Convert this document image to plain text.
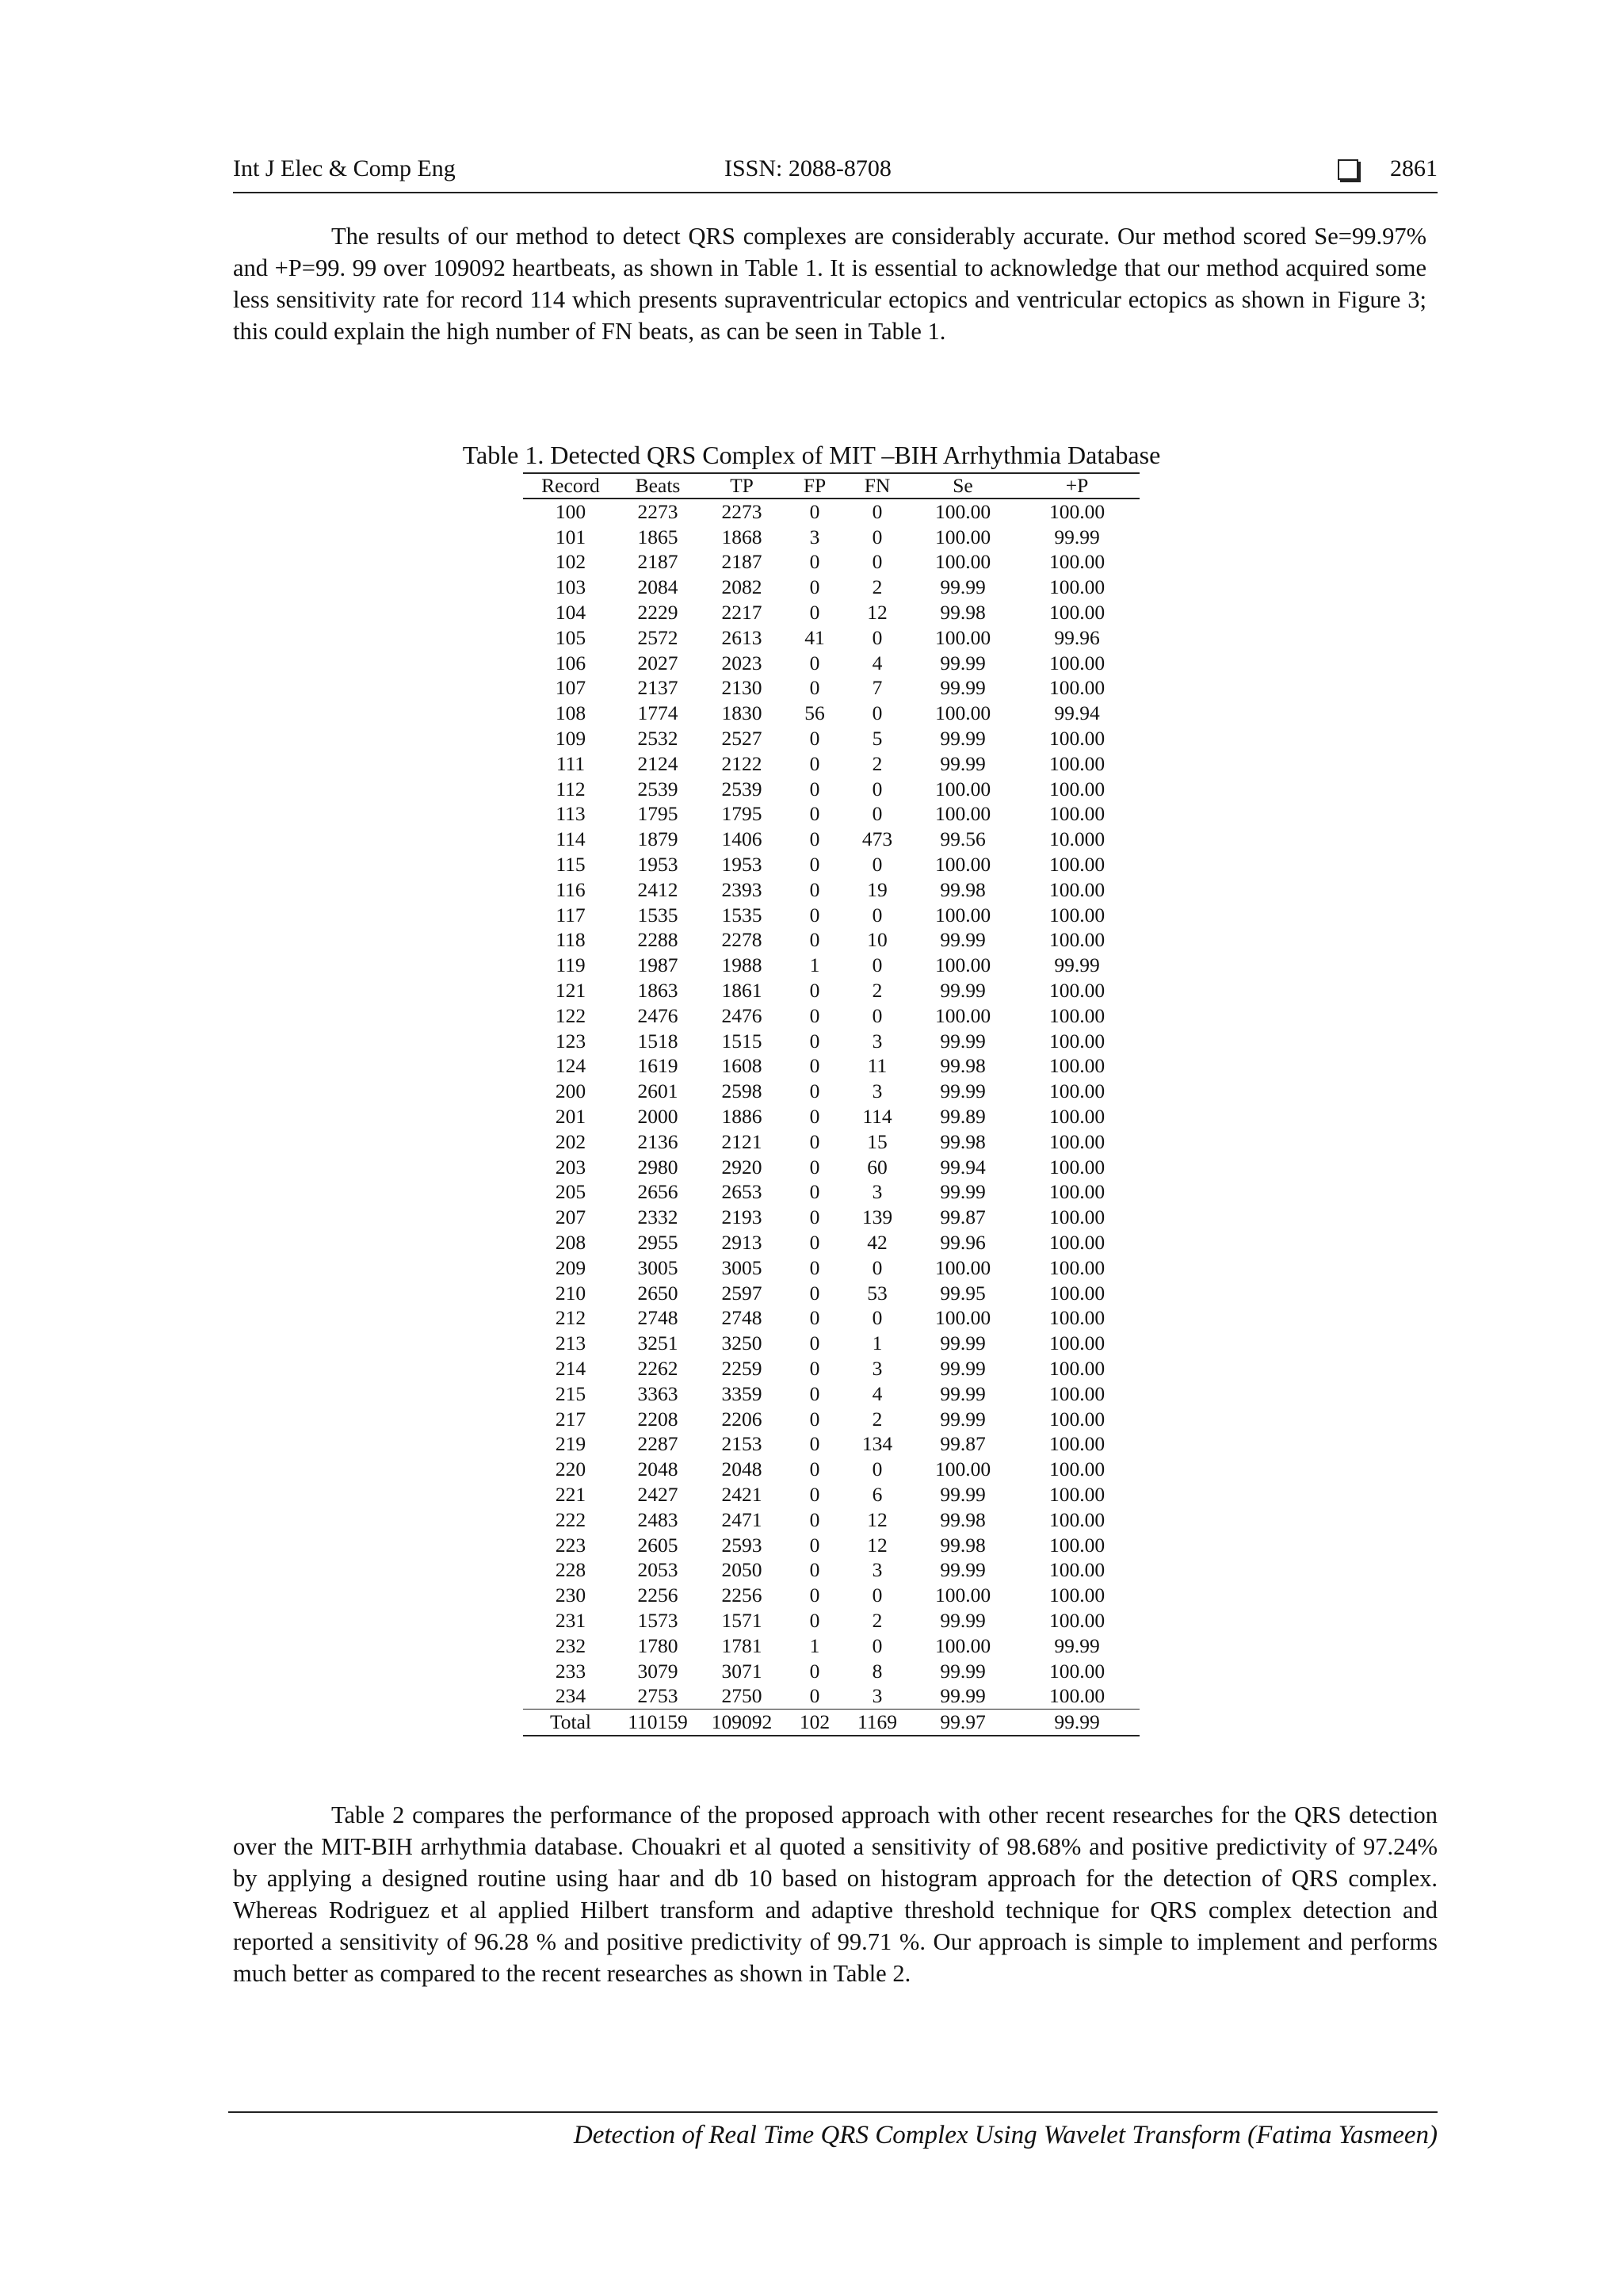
Int J Elec & Comp Eng	ISSN: 2088-8708	2861

The results of our method to detect QRS complexes are considerably accurate. Our method scored Se=99.97% and +P=99. 99 over 109092 heartbeats, as shown in Table 1. It is essential to acknowledge that our method acquired some less sensitivity rate for record 114 which presents supraventricular ectopics and ventricular ectopics as shown in Figure 3; this could explain the high number of FN beats, as can be seen in Table 1.

Table 1. Detected QRS Complex of MIT –BIH Arrhythmia Database
Record	Beats	TP	FP	FN	Se	+P
100	2273	2273	0	0	100.00	100.00
101	1865	1868	3	0	100.00	99.99
102	2187	2187	0	0	100.00	100.00
103	2084	2082	0	2	99.99	100.00
104	2229	2217	0	12	99.98	100.00
105	2572	2613	41	0	100.00	99.96
106	2027	2023	0	4	99.99	100.00
107	2137	2130	0	7	99.99	100.00
108	1774	1830	56	0	100.00	99.94
109	2532	2527	0	5	99.99	100.00
111	2124	2122	0	2	99.99	100.00
112	2539	2539	0	0	100.00	100.00
113	1795	1795	0	0	100.00	100.00
114	1879	1406	0	473	99.56	10.000
115	1953	1953	0	0	100.00	100.00
116	2412	2393	0	19	99.98	100.00
117	1535	1535	0	0	100.00	100.00
118	2288	2278	0	10	99.99	100.00
119	1987	1988	1	0	100.00	99.99
121	1863	1861	0	2	99.99	100.00
122	2476	2476	0	0	100.00	100.00
123	1518	1515	0	3	99.99	100.00
124	1619	1608	0	11	99.98	100.00
200	2601	2598	0	3	99.99	100.00
201	2000	1886	0	114	99.89	100.00
202	2136	2121	0	15	99.98	100.00
203	2980	2920	0	60	99.94	100.00
205	2656	2653	0	3	99.99	100.00
207	2332	2193	0	139	99.87	100.00
208	2955	2913	0	42	99.96	100.00
209	3005	3005	0	0	100.00	100.00
210	2650	2597	0	53	99.95	100.00
212	2748	2748	0	0	100.00	100.00
213	3251	3250	0	1	99.99	100.00
214	2262	2259	0	3	99.99	100.00
215	3363	3359	0	4	99.99	100.00
217	2208	2206	0	2	99.99	100.00
219	2287	2153	0	134	99.87	100.00
220	2048	2048	0	0	100.00	100.00
221	2427	2421	0	6	99.99	100.00
222	2483	2471	0	12	99.98	100.00
223	2605	2593	0	12	99.98	100.00
228	2053	2050	0	3	99.99	100.00
230	2256	2256	0	0	100.00	100.00
231	1573	1571	0	2	99.99	100.00
232	1780	1781	1	0	100.00	99.99
233	3079	3071	0	8	99.99	100.00
234	2753	2750	0	3	99.99	100.00
Total	110159	109092	102	1169	99.97	99.99

Table 2 compares the performance of the proposed approach with other recent researches for the QRS detection over the MIT-BIH arrhythmia database. Chouakri et al quoted a sensitivity of 98.68% and positive predictivity of 97.24% by applying a designed routine using haar and db 10 based on histogram approach for the detection of QRS complex. Whereas Rodriguez et al applied Hilbert transform and adaptive threshold technique for QRS complex detection and reported a sensitivity of 96.28 % and positive predictivity of 99.71 %. Our approach is simple to implement and performs much better as compared to the recent researches as shown in Table 2.

Detection of Real Time QRS Complex Using Wavelet Transform (Fatima Yasmeen)
